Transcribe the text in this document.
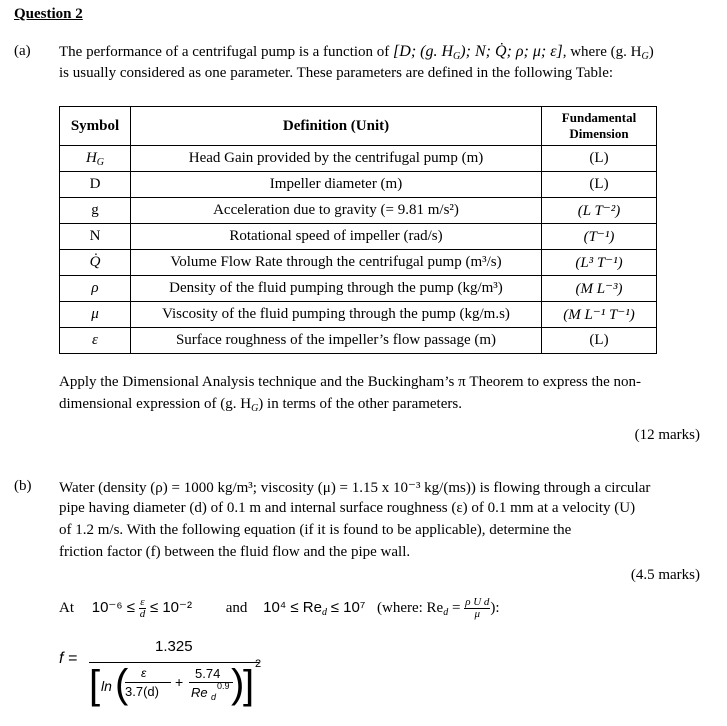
Question 2
(a) The performance of a centrifugal pump is a function of [D; (g. $H_G$); N; Q̇; ρ; μ; ε], where (g. $H_G$)
is usually considered as one parameter. These parameters are defined in the following Table:
Symbol	Definition (Unit)	Fundamental Dimension
$H_G$	Head Gain provided by the centrifugal pump (m)	(L)
D	Impeller diameter (m)	(L)
g	Acceleration due to gravity (= 9.81 m/s²)	(L T⁻²)
N	Rotational speed of impeller (rad/s)	(T⁻¹)
Q̇	Volume Flow Rate through the centrifugal pump (m³/s)	(L³ T⁻¹)
ρ	Density of the fluid pumping through the pump (kg/m³)	(M L⁻³)
μ	Viscosity of the fluid pumping through the pump (kg/m.s)	(M L⁻¹ T⁻¹)
ε	Surface roughness of the impeller’s flow passage (m)	(L)
Apply the Dimensional Analysis technique and the Buckingham’s π Theorem to express the non-
dimensional expression of (g. $H_G$) in terms of the other parameters.
(12 marks)
(b) Water (density (ρ) = 1000 kg/m³; viscosity (μ) = 1.15 x 10⁻³ kg/(ms)) is flowing through a circular
pipe having diameter (d) of 0.1 m and internal surface roughness (ε) of 0.1 mm at a velocity (U)
of 1.2 m/s. With the following equation (if it is found to be applicable), determine the
friction factor (f) between the fluid flow and the pipe wall.
(4.5 marks)
At $10^{-6} \le \frac{\varepsilon}{d} \le 10^{-2}$ and $10^4 \le Re_d \le 10^7$ (where: $Re_d = \frac{\text{ρ U d}}{\mu}$ ):
f =
1.325
[ ln ( ε
3.7(d)
+
5.74
Re d
0.9 )
] 2
